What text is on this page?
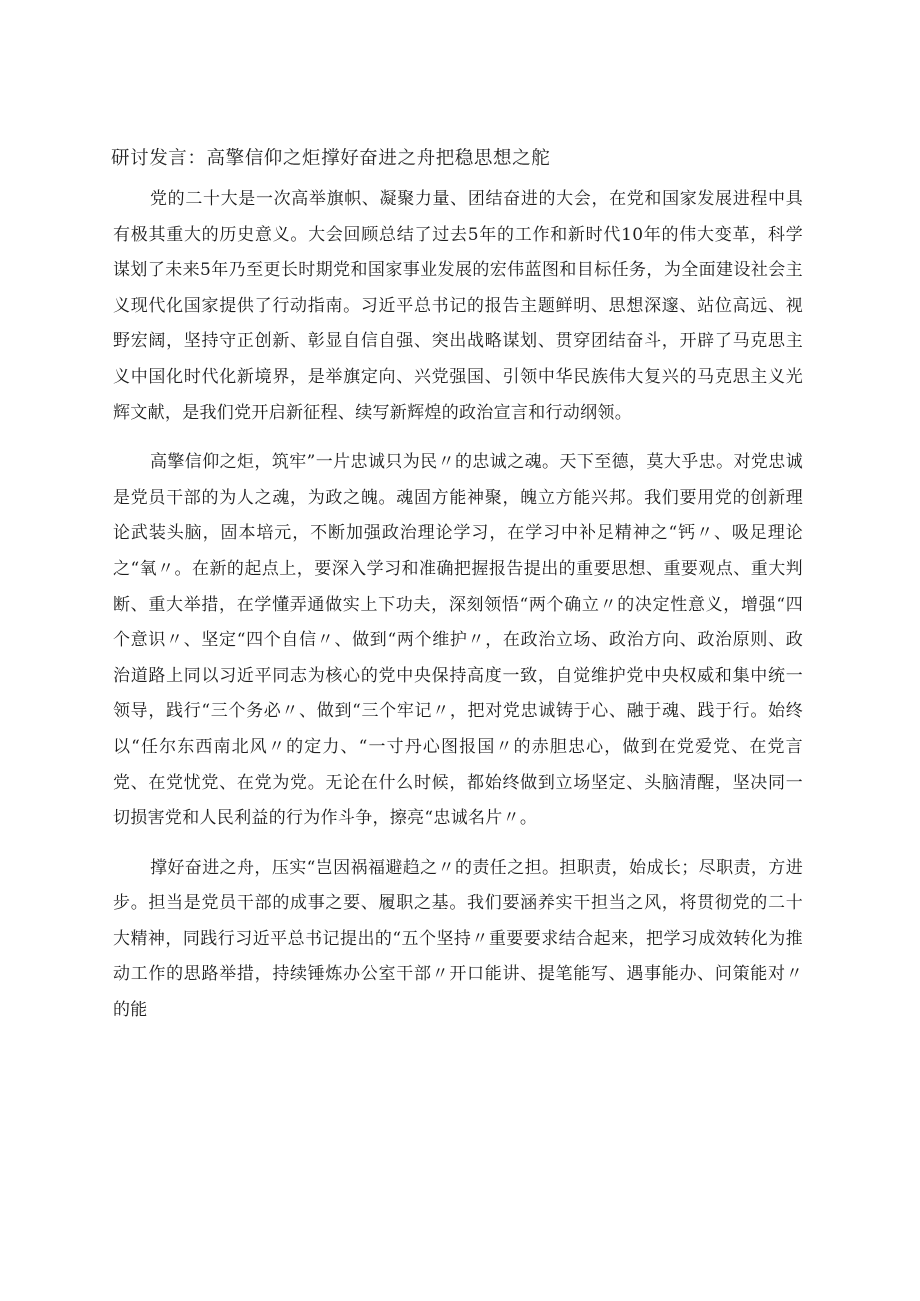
研讨发言：高擎信仰之炬撑好奋进之舟把稳思想之舵

党的二十大是一次高举旗帜、凝聚力量、团结奋进的大会，在党和国家发展进程中具有极其重大的历史意义。大会回顾总结了过去5年的工作和新时代10年的伟大变革，科学谋划了未来5年乃至更长时期党和国家事业发展的宏伟蓝图和目标任务，为全面建设社会主义现代化国家提供了行动指南。习近平总书记的报告主题鲜明、思想深邃、站位高远、视野宏阔，坚持守正创新、彰显自信自强、突出战略谋划、贯穿团结奋斗，开辟了马克思主义中国化时代化新境界，是举旗定向、兴党强国、引领中华民族伟大复兴的马克思主义光辉文献，是我们党开启新征程、续写新辉煌的政治宣言和行动纲领。

高擎信仰之炬，筑牢”一片忠诚只为民〃的忠诚之魂。天下至德，莫大乎忠。对党忠诚是党员干部的为人之魂，为政之魄。魂固方能神聚，魄立方能兴邦。我们要用党的创新理论武装头脑，固本培元，不断加强政治理论学习，在学习中补足精神之“钙〃、吸足理论之“氧〃。在新的起点上，要深入学习和准确把握报告提出的重要思想、重要观点、重大判断、重大举措，在学懂弄通做实上下功夫，深刻领悟“两个确立〃的决定性意义，增强“四个意识〃、坚定“四个自信〃、做到“两个维护〃，在政治立场、政治方向、政治原则、政治道路上同以习近平同志为核心的党中央保持高度一致，自觉维护党中央权威和集中统一领导，践行“三个务必〃、做到“三个牢记〃，把对党忠诚铸于心、融于魂、践于行。始终以“任尔东西南北风〃的定力、“一寸丹心图报国〃的赤胆忠心，做到在党爱党、在党言党、在党忧党、在党为党。无论在什么时候，都始终做到立场坚定、头脑清醒，坚决同一切损害党和人民利益的行为作斗争，擦亮“忠诚名片〃。

撑好奋进之舟，压实“岂因祸福避趋之〃的责任之担。担职责，始成长；尽职责，方进步。担当是党员干部的成事之要、履职之基。我们要涵养实干担当之风，将贯彻党的二十大精神，同践行习近平总书记提出的“五个坚持〃重要要求结合起来，把学习成效转化为推动工作的思路举措，持续锤炼办公室干部〃开口能讲、提笔能写、遇事能办、问策能对〃的能
